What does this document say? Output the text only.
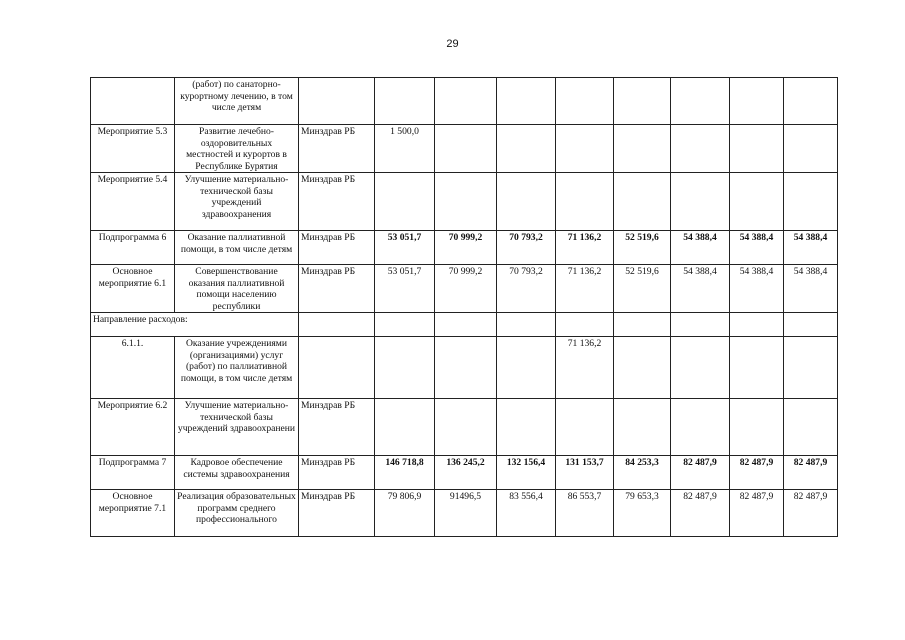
29
	(работ) по санаторно-курортному лечению, в том числе детям									
Мероприятие 5.3	Развитие лечебно-оздоровительных местностей и курортов в Республике Бурятия	Минздрав РБ	1 500,0							
Мероприятие 5.4	Улучшение материально-технической базы учреждений здравоохранения	Минздрав РБ								
Подпрограмма 6	Оказание паллиативной помощи, в том числе детям	Минздрав РБ	53 051,7	70 999,2	70 793,2	71 136,2	52 519,6	54 388,4	54 388,4	54 388,4
Основное мероприятие 6.1	Совершенствование оказания паллиативной помощи населению республики	Минздрав РБ	53 051,7	70 999,2	70 793,2	71 136,2	52 519,6	54 388,4	54 388,4	54 388,4
Направление расходов:										
6.1.1.	Оказание учреждениями (организациями) услуг (работ) по паллиативной помощи, в том числе детям					71 136,2				
Мероприятие 6.2	Улучшение материально-технической базы учреждений здравоохранени	Минздрав РБ								
Подпрограмма 7	Кадровое обеспечение системы здравоохранения	Минздрав РБ	146 718,8	136 245,2	132 156,4	131 153,7	84 253,3	82 487,9	82 487,9	82 487,9
Основное мероприятие 7.1	Реализация образовательных программ среднего профессионального	Минздрав РБ	79 806,9	91496,5	83 556,4	86 553,7	79 653,3	82 487,9	82 487,9	82 487,9
